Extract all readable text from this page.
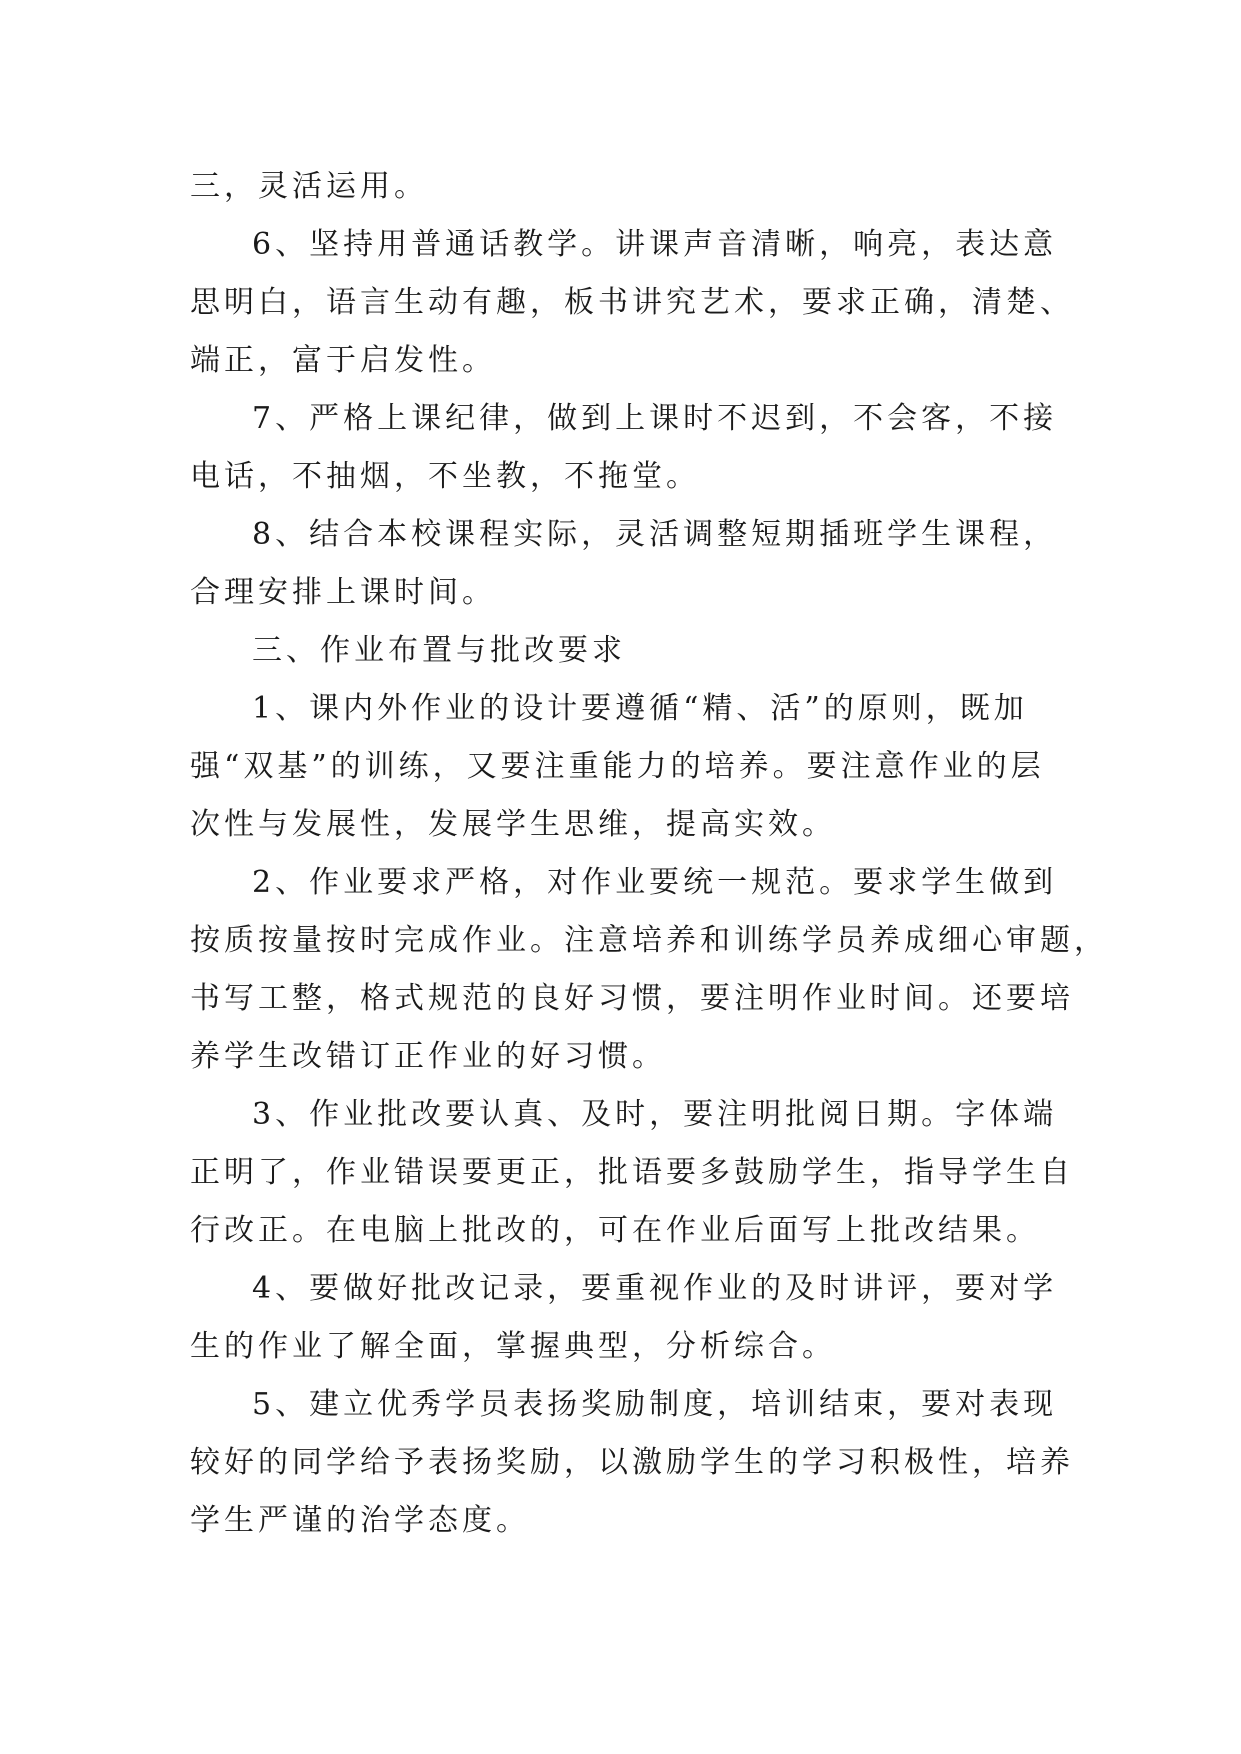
三，灵活运用。
6、坚持用普通话教学。讲课声音清晰，响亮，表达意
思明白，语言生动有趣，板书讲究艺术，要求正确，清楚、
端正，富于启发性。
7、严格上课纪律，做到上课时不迟到，不会客，不接
电话，不抽烟，不坐教，不拖堂。
8、结合本校课程实际，灵活调整短期插班学生课程，
合理安排上课时间。
三、作业布置与批改要求
1、课内外作业的设计要遵循“精、活”的原则，既加
强“双基”的训练，又要注重能力的培养。要注意作业的层
次性与发展性，发展学生思维，提高实效。
2、作业要求严格，对作业要统一规范。要求学生做到
按质按量按时完成作业。注意培养和训练学员养成细心审题，
书写工整，格式规范的良好习惯，要注明作业时间。还要培
养学生改错订正作业的好习惯。
3、作业批改要认真、及时，要注明批阅日期。字体端
正明了，作业错误要更正，批语要多鼓励学生，指导学生自
行改正。在电脑上批改的，可在作业后面写上批改结果。
4、要做好批改记录，要重视作业的及时讲评，要对学
生的作业了解全面，掌握典型，分析综合。
5、建立优秀学员表扬奖励制度，培训结束，要对表现
较好的同学给予表扬奖励，以激励学生的学习积极性，培养
学生严谨的治学态度。
